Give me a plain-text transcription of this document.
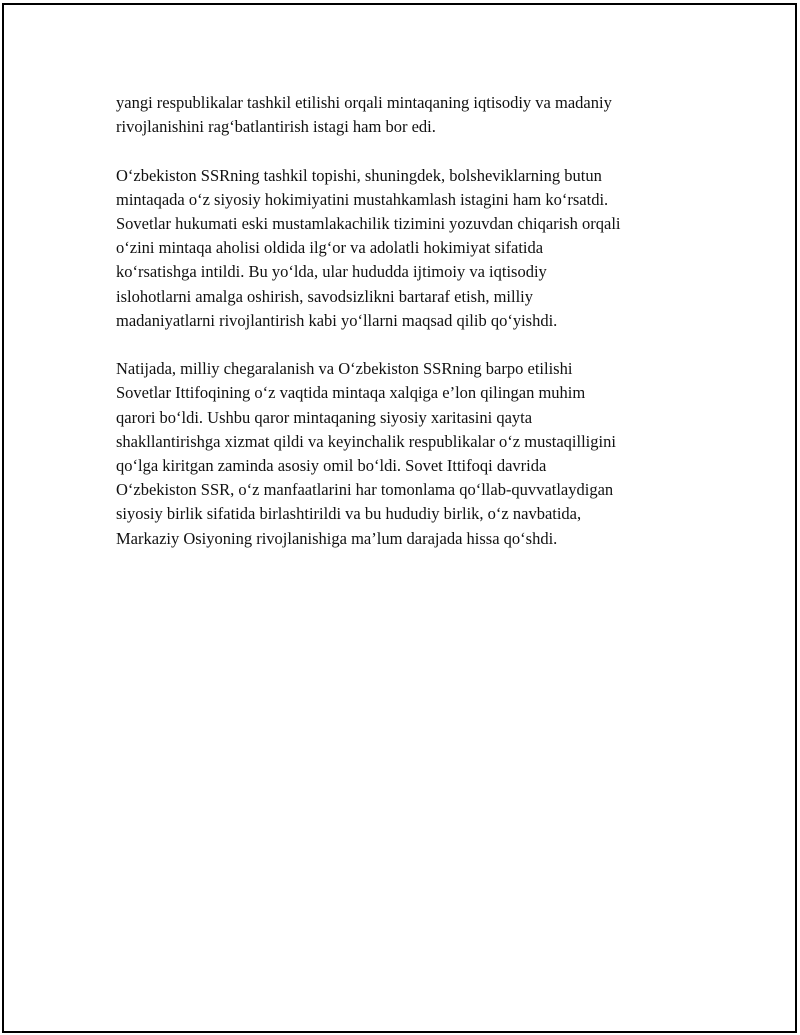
yangi respublikalar tashkil etilishi orqali mintaqaning iqtisodiy va madaniy
rivojlanishini rag‘batlantirish istagi ham bor edi.

O‘zbekiston SSRning tashkil topishi, shuningdek, bolsheviklarning butun
mintaqada o‘z siyosiy hokimiyatini mustahkamlash istagini ham ko‘rsatdi.
Sovetlar hukumati eski mustamlakachilik tizimini yozuvdan chiqarish orqali
o‘zini mintaqa aholisi oldida ilg‘or va adolatli hokimiyat sifatida
ko‘rsatishga intildi. Bu yo‘lda, ular hududda ijtimoiy va iqtisodiy
islohotlarni amalga oshirish, savodsizlikni bartaraf etish, milliy
madaniyatlarni rivojlantirish kabi yo‘llarni maqsad qilib qo‘yishdi.

Natijada, milliy chegaralanish va O‘zbekiston SSRning barpo etilishi
Sovetlar Ittifoqining o‘z vaqtida mintaqa xalqiga e’lon qilingan muhim
qarori bo‘ldi. Ushbu qaror mintaqaning siyosiy xaritasini qayta
shakllantirishga xizmat qildi va keyinchalik respublikalar o‘z mustaqilligini
qo‘lga kiritgan zaminda asosiy omil bo‘ldi. Sovet Ittifoqi davrida
O‘zbekiston SSR, o‘z manfaatlarini har tomonlama qo‘llab-quvvatlaydigan
siyosiy birlik sifatida birlashtirildi va bu hududiy birlik, o‘z navbatida,
Markaziy Osiyoning rivojlanishiga ma’lum darajada hissa qo‘shdi.
